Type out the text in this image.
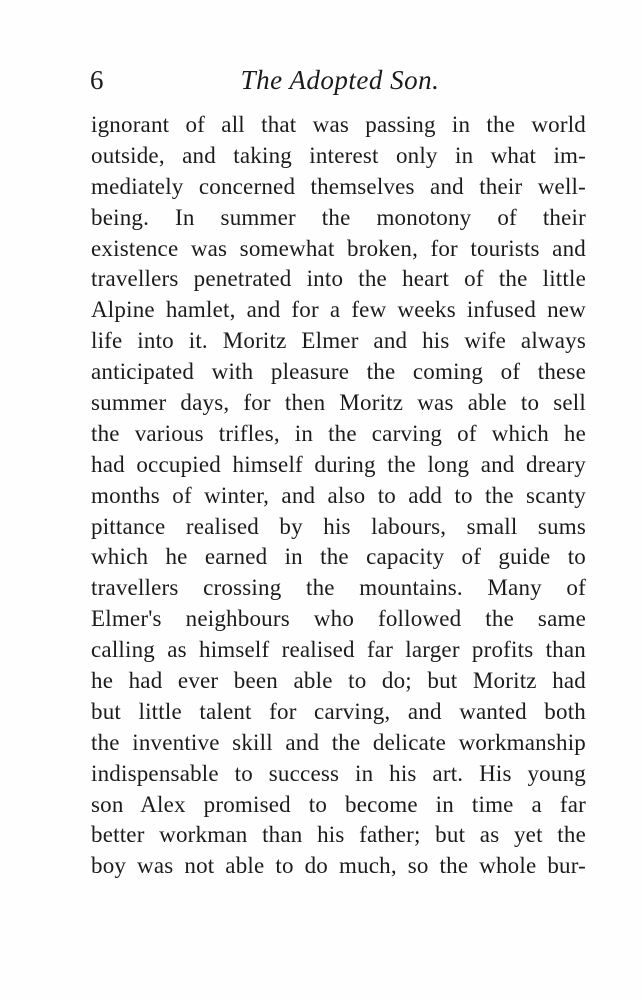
6	The Adopted Son.
ignorant of all that was passing in the world
outside, and taking interest only in what im-
mediately concerned themselves and their well-
being. In summer the monotony of their
existence was somewhat broken, for tourists and
travellers penetrated into the heart of the little
Alpine hamlet, and for a few weeks infused new
life into it. Moritz Elmer and his wife always
anticipated with pleasure the coming of these
summer days, for then Moritz was able to sell
the various trifles, in the carving of which he
had occupied himself during the long and dreary
months of winter, and also to add to the scanty
pittance realised by his labours, small sums
which he earned in the capacity of guide to
travellers crossing the mountains. Many of
Elmer's neighbours who followed the same
calling as himself realised far larger profits than
he had ever been able to do; but Moritz had
but little talent for carving, and wanted both
the inventive skill and the delicate workmanship
indispensable to success in his art. His young
son Alex promised to become in time a far
better workman than his father; but as yet the
boy was not able to do much, so the whole bur-
